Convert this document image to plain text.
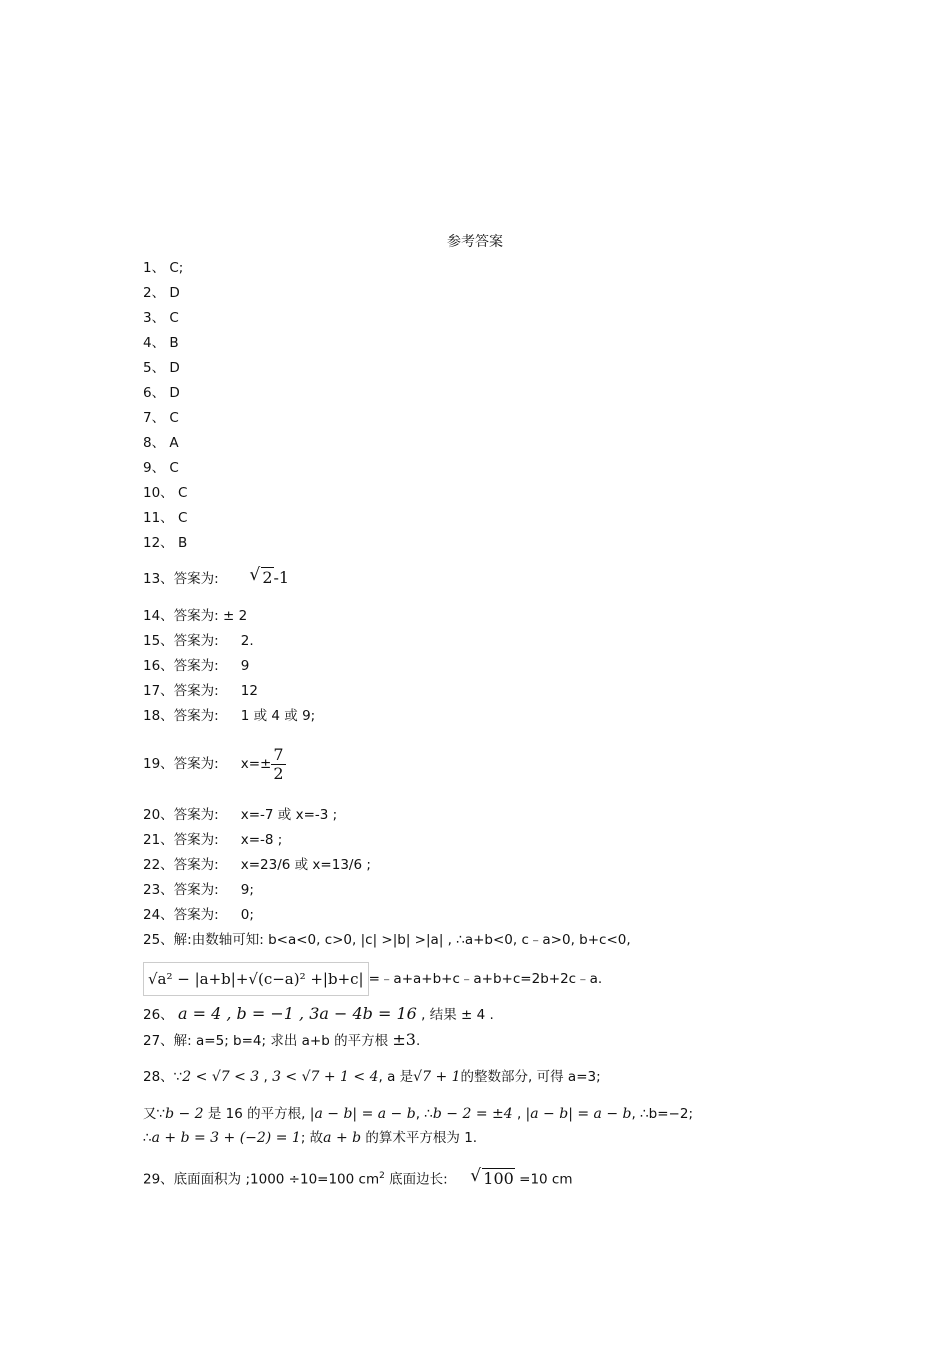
参考答案
1、 C;
2、 D
3、 C
4、 B
5、 D
6、 D
7、 C
8、 A
9、 C
10、 C
11、 C
12、 B
13、答案为: √ 2-1
14、答案为: ± 2
15、答案为: 2.
16、答案为: 9
17、答案为: 12
18、答案为: 1 或 4 或 9;
19、答案为: $x=\pm \frac{7}{2}$
20、答案为: x=-7 或 x=-3 ;
21、答案为: x=-8 ;
22、答案为: x=23/6 或 x=13/6 ;
23、答案为: 9;
24、答案为: 0;
25、解:由数轴可知: b<a<0, c>0, |c| >|b| >|a| , ∴a+b<0, c﹣a>0, b+c<0,
√a² − |a+b|+√(c−a)² +|b+c| =﹣a+a+b+c﹣a+b+c=2b+2c﹣a.
26、 a = 4 , b = −1 , 3a − 4b = 16 , 结果 ± 4 .
27、解: a=5; b=4; 求出 a+b 的平方根 ±3.
28、∵2 < √7 < 3 , 3 < √7 + 1 < 4, a 是√7 + 1的整数部分, 可得 a=3;
又∵b − 2 是 16 的平方根, |a − b| = a − b, ∴b − 2 = ±4 , |a − b| = a − b, ∴b=−2;
∴a + b = 3 + (−2) = 1; 故a + b 的算术平方根为 1.
29、底面面积为 ;1000 ÷10=100 $cm^2$ 底面边长: √ 100 =10 cm
